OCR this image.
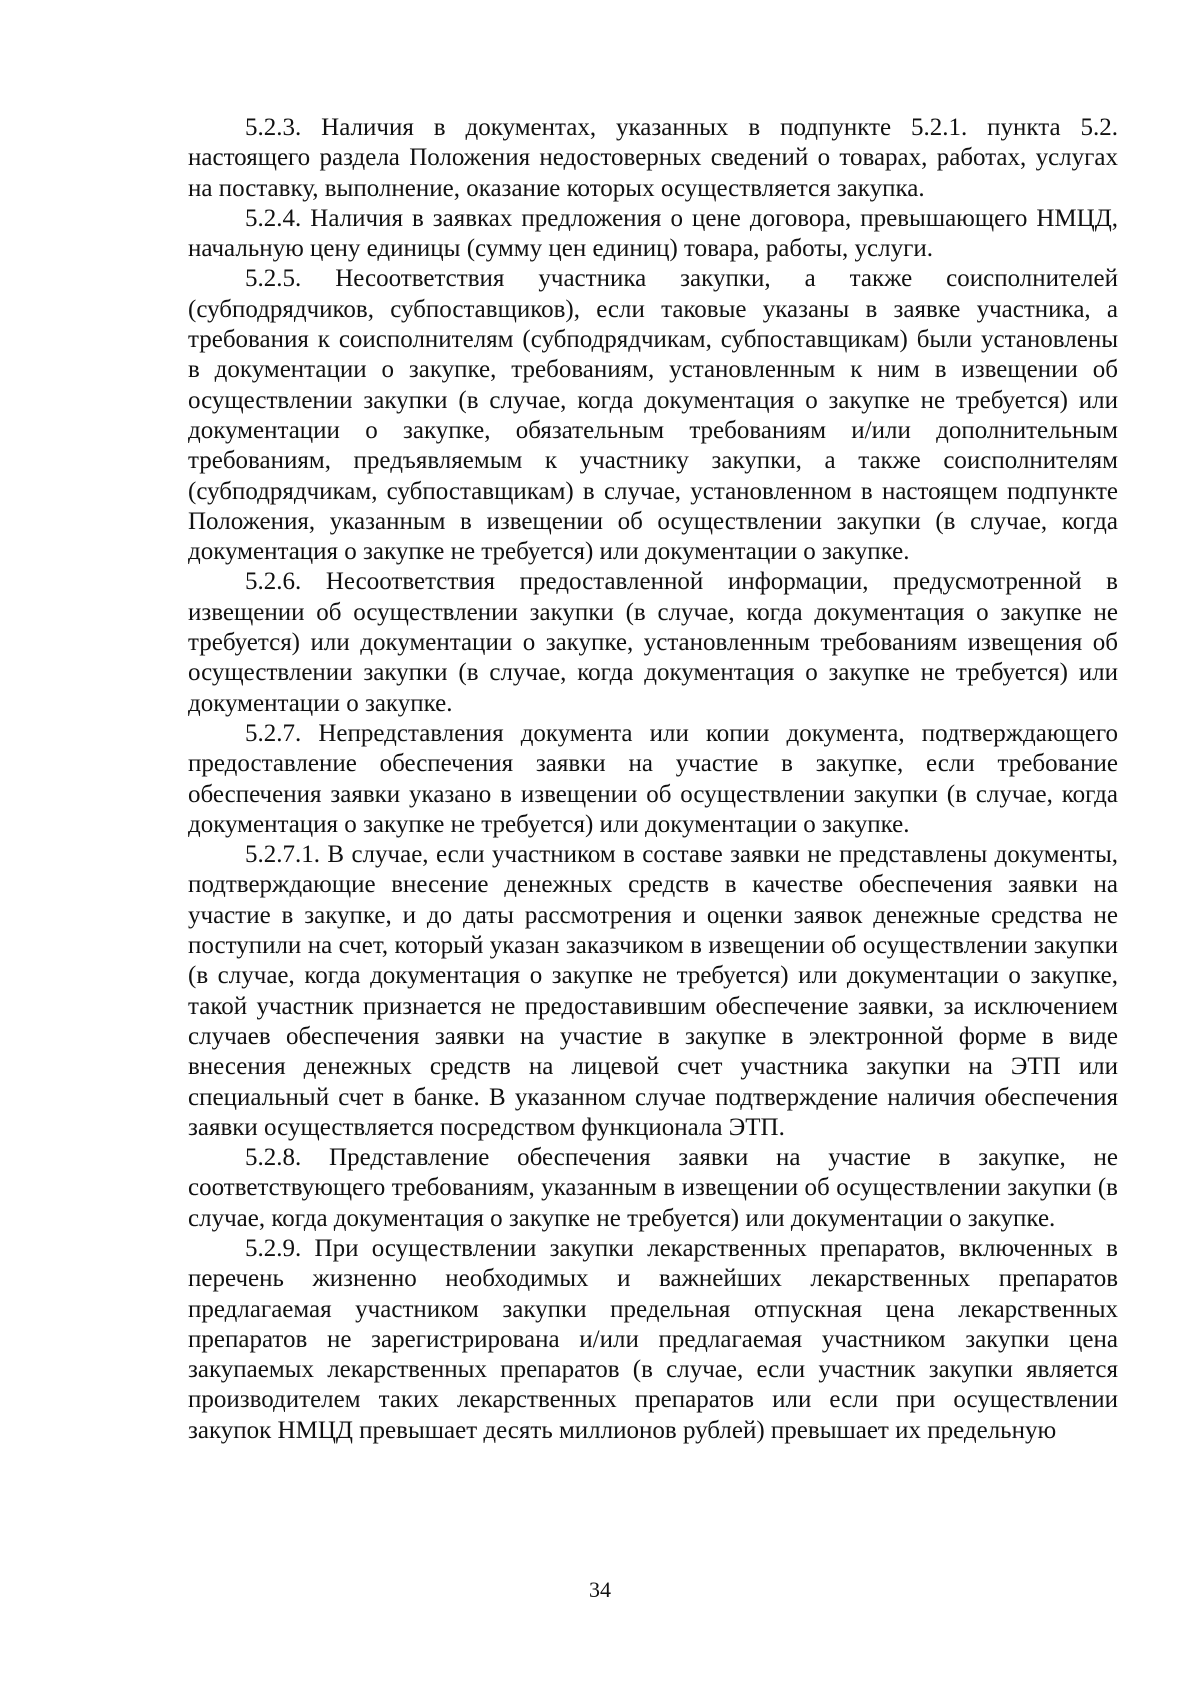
5.2.3. Наличия в документах, указанных в подпункте 5.2.1. пункта 5.2. настоящего раздела Положения недостоверных сведений о товарах, работах, услугах на поставку, выполнение, оказание которых осуществляется закупка.

5.2.4. Наличия в заявках предложения о цене договора, превышающего НМЦД, начальную цену единицы (сумму цен единиц) товара, работы, услуги.

5.2.5. Несоответствия участника закупки, а также соисполнителей (субподрядчиков, субпоставщиков), если таковые указаны в заявке участника, а требования к соисполнителям (субподрядчикам, субпоставщикам) были установлены в документации о закупке, требованиям, установленным к ним в извещении об осуществлении закупки (в случае, когда документация о закупке не требуется) или документации о закупке, обязательным требованиям и/или дополнительным требованиям, предъявляемым к участнику закупки, а также соисполнителям (субподрядчикам, субпоставщикам) в случае, установленном в настоящем подпункте Положения, указанным в извещении об осуществлении закупки (в случае, когда документация о закупке не требуется) или документации о закупке.

5.2.6. Несоответствия предоставленной информации, предусмотренной в извещении об осуществлении закупки (в случае, когда документация о закупке не требуется) или документации о закупке, установленным требованиям извещения об осуществлении закупки (в случае, когда документация о закупке не требуется) или документации о закупке.

5.2.7. Непредставления документа или копии документа, подтверждающего предоставление обеспечения заявки на участие в закупке, если требование обеспечения заявки указано в извещении об осуществлении закупки (в случае, когда документация о закупке не требуется) или документации о закупке.

5.2.7.1. В случае, если участником в составе заявки не представлены документы, подтверждающие внесение денежных средств в качестве обеспечения заявки на участие в закупке, и до даты рассмотрения и оценки заявок денежные средства не поступили на счет, который указан заказчиком в извещении об осуществлении закупки (в случае, когда документация о закупке не требуется) или документации о закупке, такой участник признается не предоставившим обеспечение заявки, за исключением случаев обеспечения заявки на участие в закупке в электронной форме в виде внесения денежных средств на лицевой счет участника закупки на ЭТП или специальный счет в банке. В указанном случае подтверждение наличия обеспечения заявки осуществляется посредством функционала ЭТП.

5.2.8. Представление обеспечения заявки на участие в закупке, не соответствующего требованиям, указанным в извещении об осуществлении закупки (в случае, когда документация о закупке не требуется) или документации о закупке.

5.2.9. При осуществлении закупки лекарственных препаратов, включенных в перечень жизненно необходимых и важнейших лекарственных препаратов предлагаемая участником закупки предельная отпускная цена лекарственных препаратов не зарегистрирована и/или предлагаемая участником закупки цена закупаемых лекарственных препаратов (в случае, если участник закупки является производителем таких лекарственных препаратов или если при осуществлении закупок НМЦД превышает десять миллионов рублей) превышает их предельную

34
